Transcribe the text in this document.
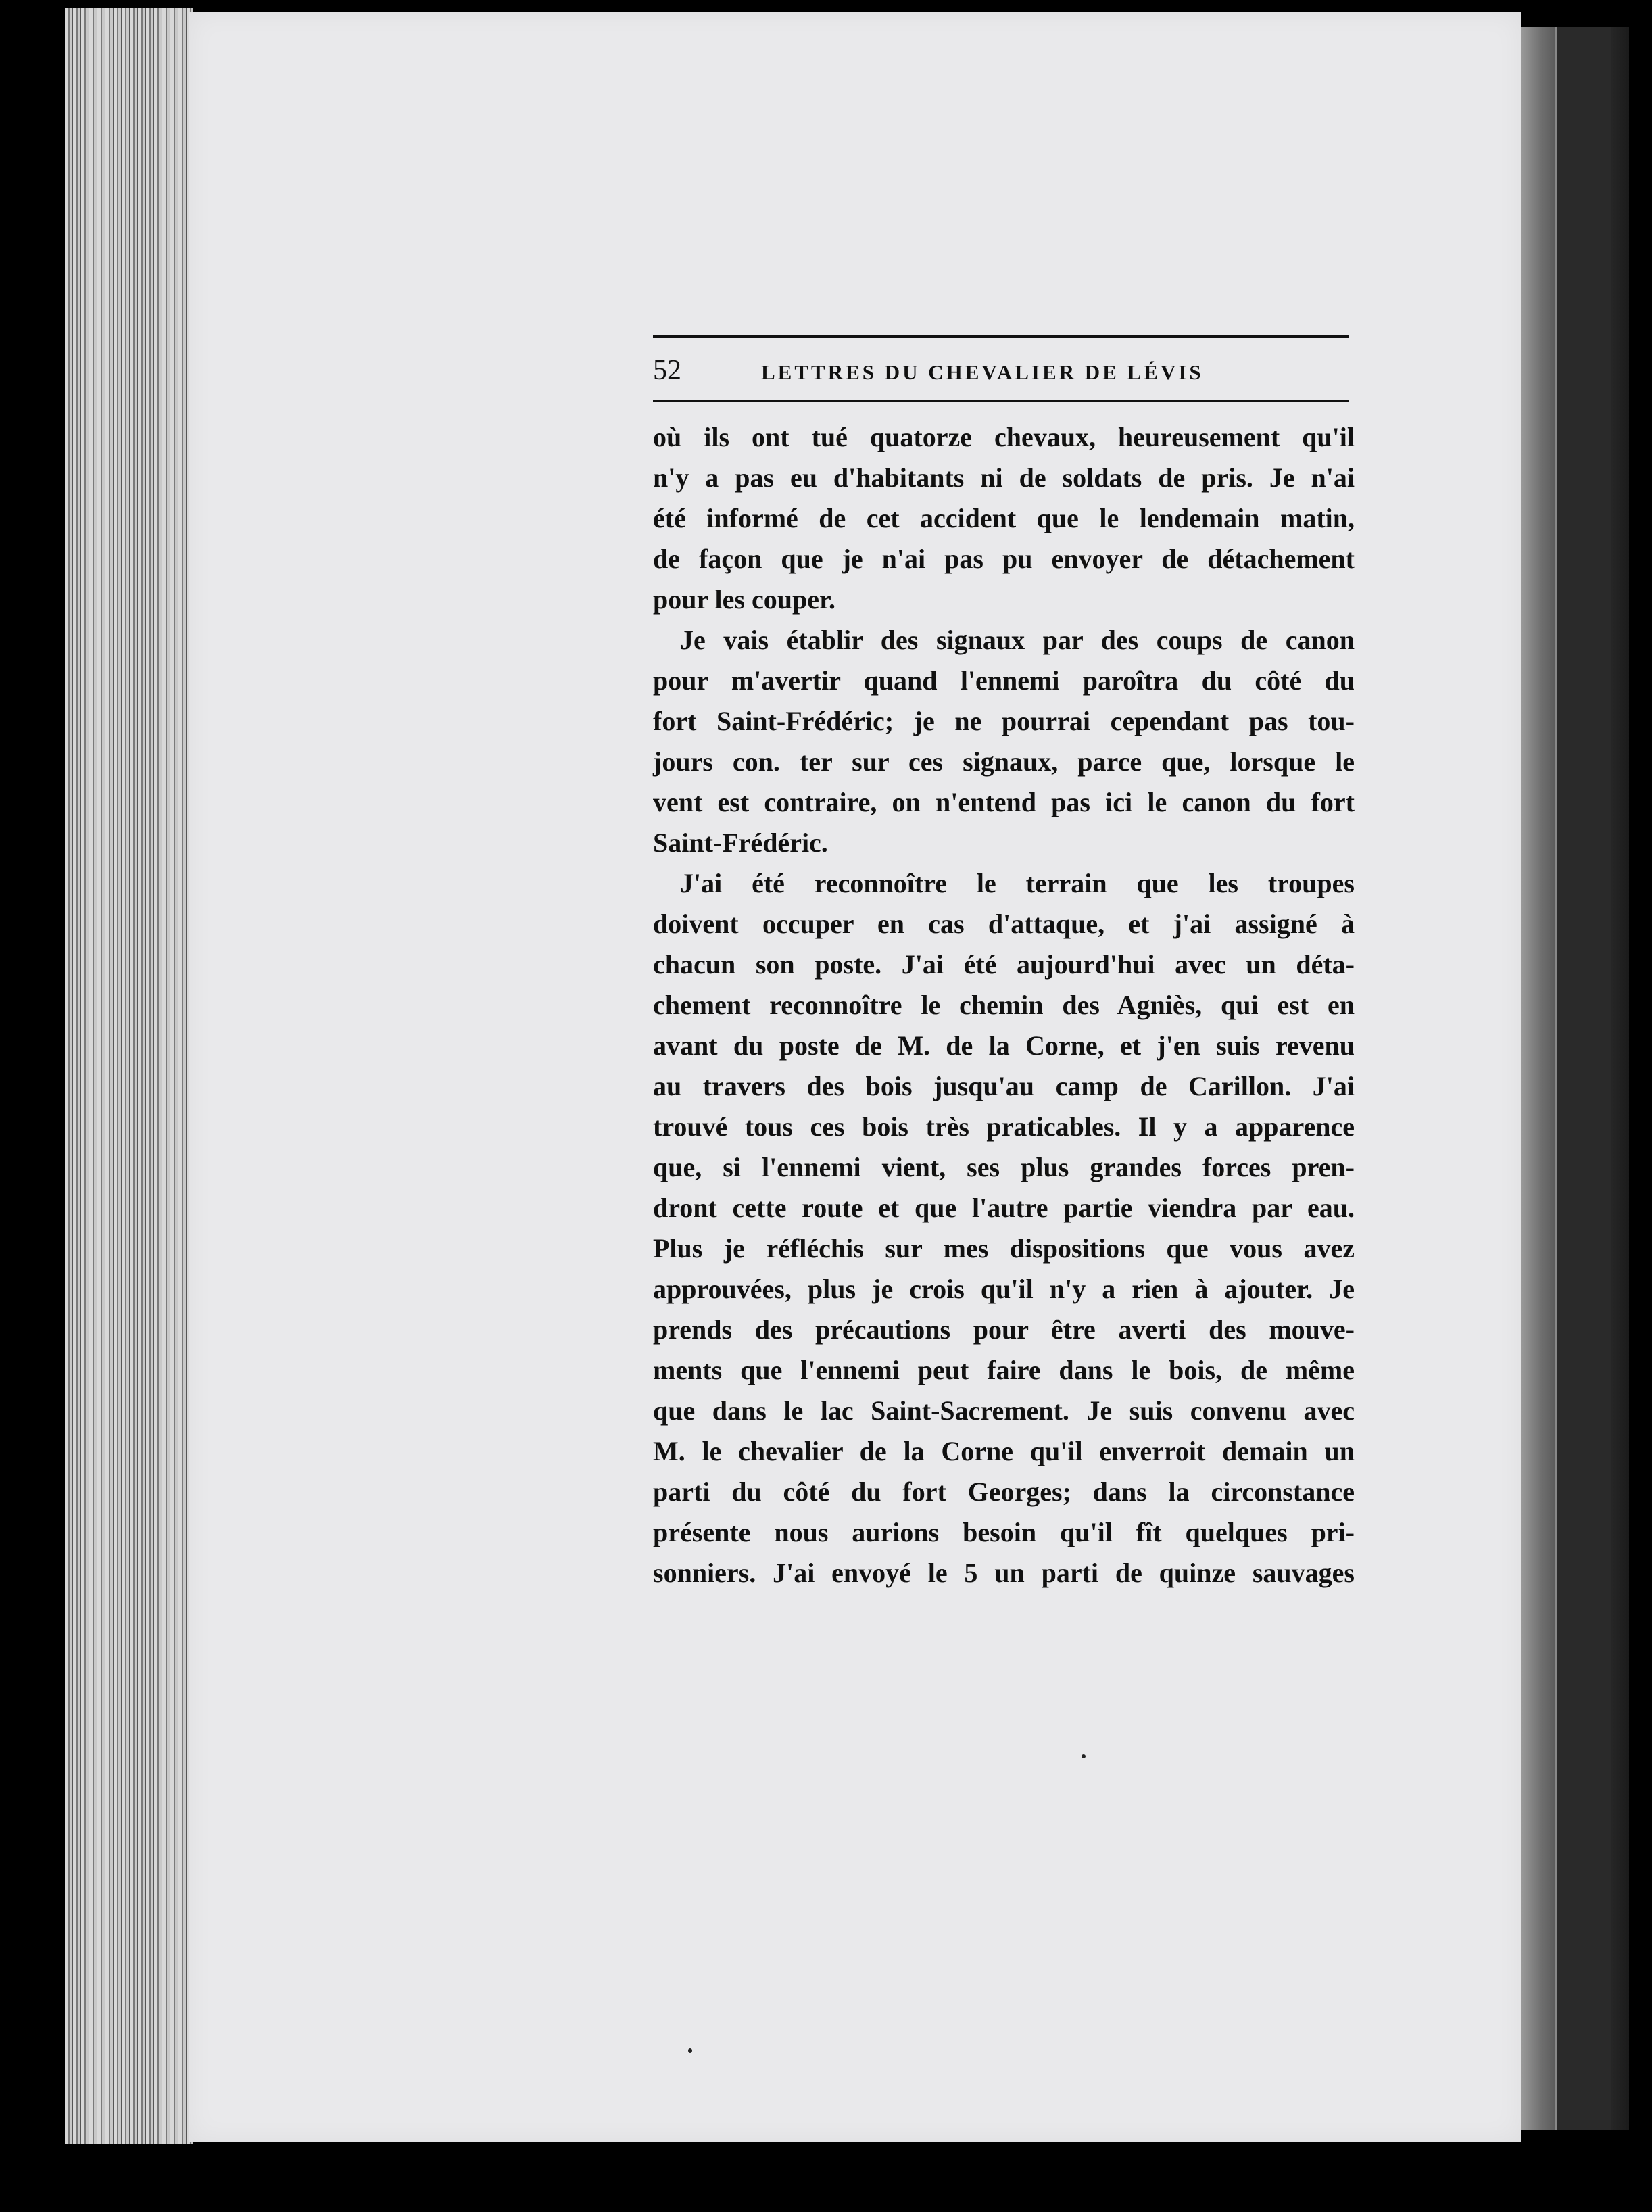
52	LETTRES DU CHEVALIER DE LÉVIS

où ils ont tué quatorze chevaux, heureusement qu'il
n'y a pas eu d'habitants ni de soldats de pris. Je n'ai
été informé de cet accident que le lendemain matin,
de façon que je n'ai pas pu envoyer de détachement
pour les couper.

Je vais établir des signaux par des coups de canon
pour m'avertir quand l'ennemi paroîtra du côté du
fort Saint-Frédéric; je ne pourrai cependant pas tou-
jours con. ter sur ces signaux, parce que, lorsque le
vent est contraire, on n'entend pas ici le canon du fort
Saint-Frédéric.

J'ai été reconnoître le terrain que les troupes
doivent occuper en cas d'attaque, et j'ai assigné à
chacun son poste. J'ai été aujourd'hui avec un déta-
chement reconnoître le chemin des Agniès, qui est en
avant du poste de M. de la Corne, et j'en suis revenu
au travers des bois jusqu'au camp de Carillon. J'ai
trouvé tous ces bois très praticables. Il y a apparence
que, si l'ennemi vient, ses plus grandes forces pren-
dront cette route et que l'autre partie viendra par eau.
Plus je réfléchis sur mes dispositions que vous avez
approuvées, plus je crois qu'il n'y a rien à ajouter. Je
prends des précautions pour être averti des mouve-
ments que l'ennemi peut faire dans le bois, de même
que dans le lac Saint-Sacrement. Je suis convenu avec
M. le chevalier de la Corne qu'il enverroit demain un
parti du côté du fort Georges; dans la circonstance
présente nous aurions besoin qu'il fît quelques pri-
sonniers. J'ai envoyé le 5 un parti de quinze sauvages
